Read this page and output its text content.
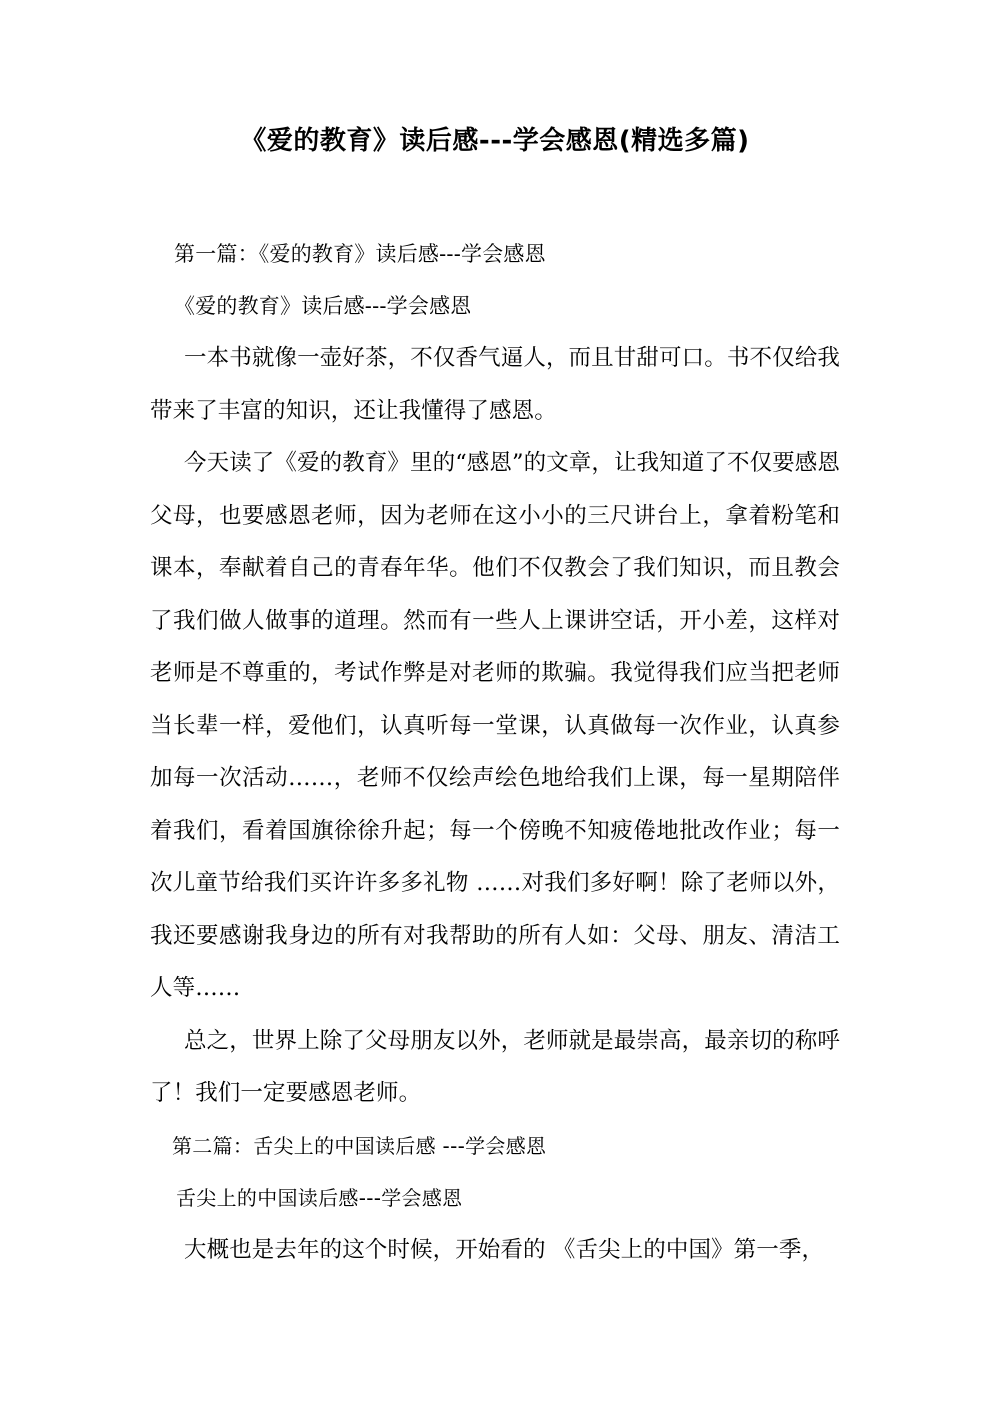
《爱的教育》读后感---学会感恩(精选多篇)

第一篇：《爱的教育》读后感---学会感恩

《爱的教育》读后感---学会感恩

一本书就像一壶好茶，不仅香气逼人，而且甘甜可口。书不仅给我带来了丰富的知识，还让我懂得了感恩。

今天读了《爱的教育》里的“感恩”的文章，让我知道了不仅要感恩父母，也要感恩老师，因为老师在这小小的三尺讲台上，拿着粉笔和课本，奉献着自己的青春年华。他们不仅教会了我们知识，而且教会了我们做人做事的道理。然而有一些人上课讲空话，开小差，这样对老师是不尊重的，考试作弊是对老师的欺骗。我觉得我们应当把老师当长辈一样，爱他们，认真听每一堂课，认真做每一次作业，认真参加每一次活动……，老师不仅绘声绘色地给我们上课，每一星期陪伴着我们，看着国旗徐徐升起；每一个傍晚不知疲倦地批改作业；每一次儿童节给我们买许许多多礼物 ……对我们多好啊！除了老师以外，我还要感谢我身边的所有对我帮助的所有人如：父母、朋友、清洁工人等……

总之，世界上除了父母朋友以外，老师就是最崇高，最亲切的称呼了！我们一定要感恩老师。

第二篇：舌尖上的中国读后感 ---学会感恩

舌尖上的中国读后感---学会感恩

大概也是去年的这个时候，开始看的 《舌尖上的中国》第一季，
